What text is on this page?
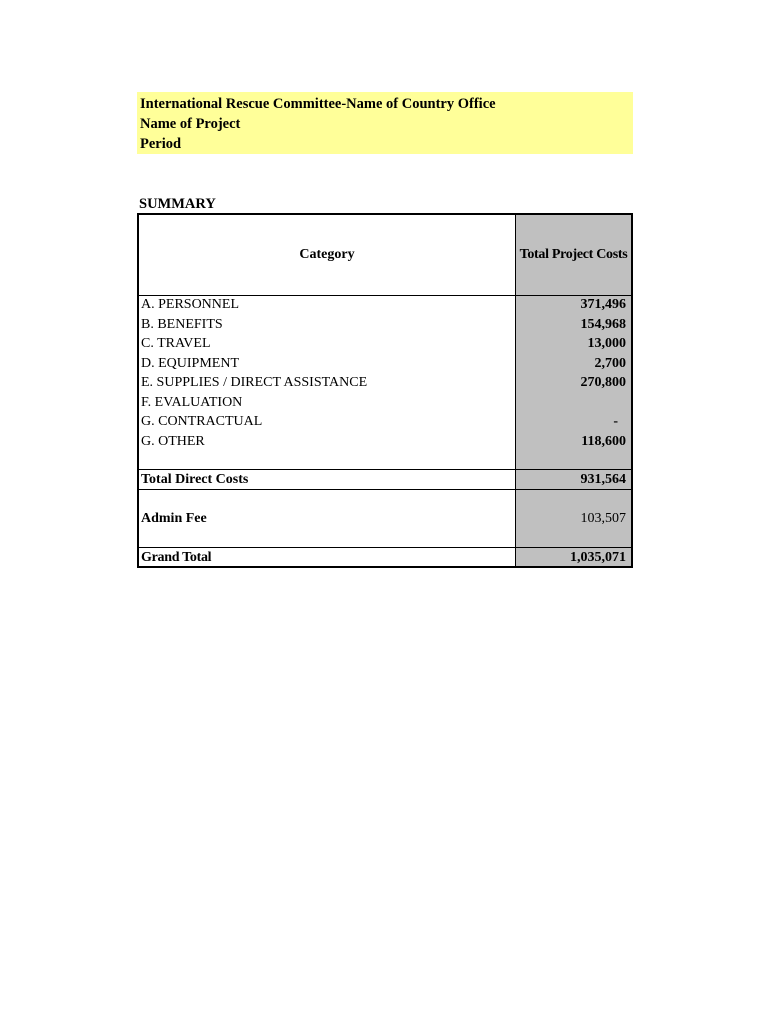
International Rescue Committee-Name of Country Office
Name of Project
Period
SUMMARY
Category	Total Project Costs
A. PERSONNEL	371,496
B. BENEFITS	154,968
C. TRAVEL	13,000
D. EQUIPMENT	2,700
E. SUPPLIES / DIRECT ASSISTANCE	270,800
F. EVALUATION
G. CONTRACTUAL	-
G. OTHER	118,600
Total Direct Costs	931,564
Admin Fee	103,507
Grand Total	1,035,071
